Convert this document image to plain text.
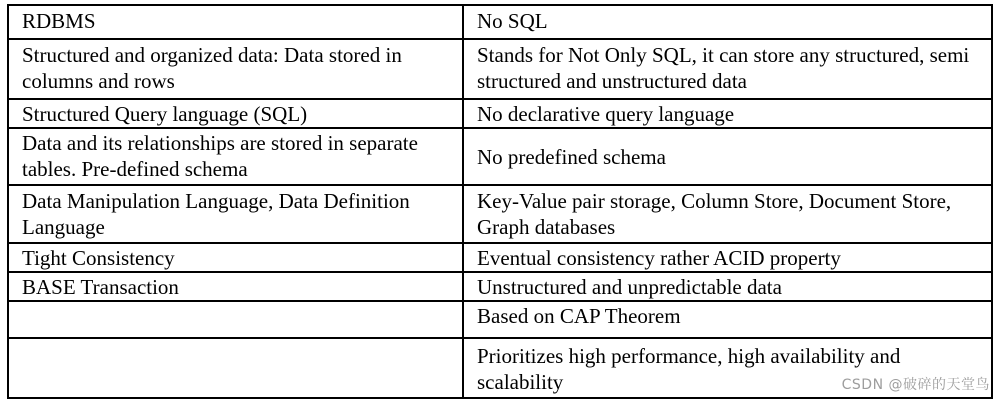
RDBMS	No SQL
Structured and organized data: Data stored in columns and rows	Stands for Not Only SQL, it can store any structured, semi structured and unstructured data
Structured Query language (SQL)	No declarative query language
Data and its relationships are stored in separate tables. Pre-defined schema	No predefined schema
Data Manipulation Language, Data Definition Language	Key-Value pair storage, Column Store, Document Store, Graph databases
Tight Consistency	Eventual consistency rather ACID property
BASE Transaction	Unstructured and unpredictable data
	Based on CAP Theorem
	Prioritizes high performance, high availability and scalability	CSDN @破碎的天堂鸟
